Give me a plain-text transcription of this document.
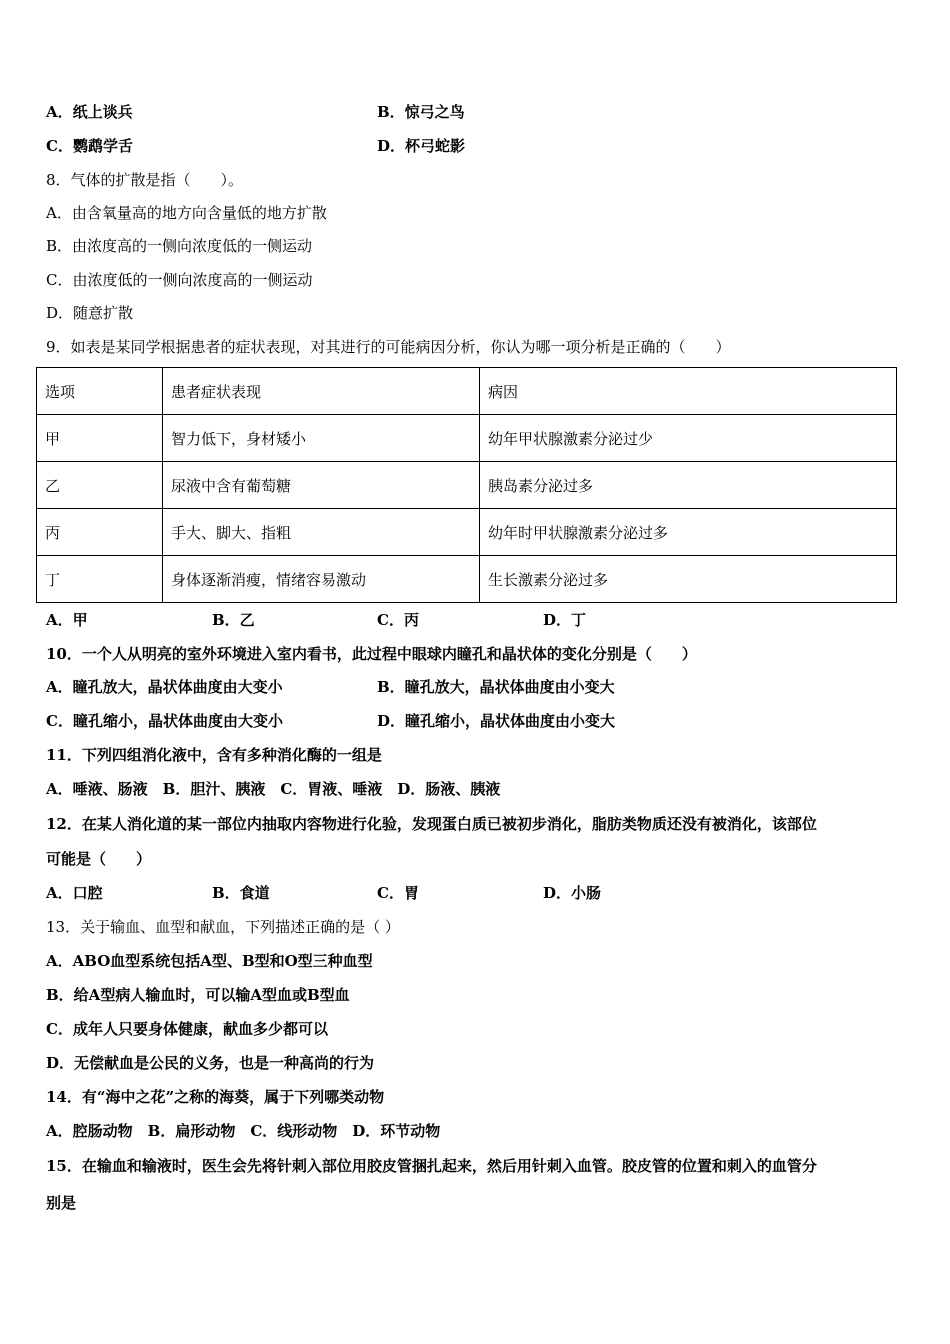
A．纸上谈兵	B．惊弓之鸟
C．鹦鹉学舌	D．杯弓蛇影
8．气体的扩散是指（　　）。
A．由含氧量高的地方向含量低的地方扩散
B．由浓度高的一侧向浓度低的一侧运动
C．由浓度低的一侧向浓度高的一侧运动
D．随意扩散
9．如表是某同学根据患者的症状表现，对其进行的可能病因分析，你认为哪一项分析是正确的（　　）
选项	患者症状表现	病因
甲	智力低下，身材矮小	幼年甲状腺激素分泌过少
乙	尿液中含有葡萄糖	胰岛素分泌过多
丙	手大、脚大、指粗	幼年时甲状腺激素分泌过多
丁	身体逐渐消瘦，情绪容易激动	生长激素分泌过多
A．甲	B．乙	C．丙	D．丁
10．一个人从明亮的室外环境进入室内看书，此过程中眼球内瞳孔和晶状体的变化分别是（　　）
A．瞳孔放大，晶状体曲度由大变小	B．瞳孔放大，晶状体曲度由小变大
C．瞳孔缩小，晶状体曲度由大变小	D．瞳孔缩小，晶状体曲度由小变大
11．下列四组消化液中，含有多种消化酶的一组是
A．唾液、肠液　B．胆汁、胰液　C．胃液、唾液　D．肠液、胰液
12．在某人消化道的某一部位内抽取内容物进行化验，发现蛋白质已被初步消化，脂肪类物质还没有被消化，该部位
可能是（　　）
A．口腔	B．食道	C．胃	D．小肠
13．关于输血、血型和献血，下列描述正确的是（ ）
A．ABO血型系统包括A型、B型和O型三种血型
B．给A型病人输血时，可以输A型血或B型血
C．成年人只要身体健康，献血多少都可以
D．无偿献血是公民的义务，也是一种高尚的行为
14．有“海中之花”之称的海葵，属于下列哪类动物
A．腔肠动物　B．扁形动物　C．线形动物　D．环节动物
15．在输血和输液时，医生会先将针刺入部位用胶皮管捆扎起来，然后用针刺入血管。胶皮管的位置和刺入的血管分
别是
